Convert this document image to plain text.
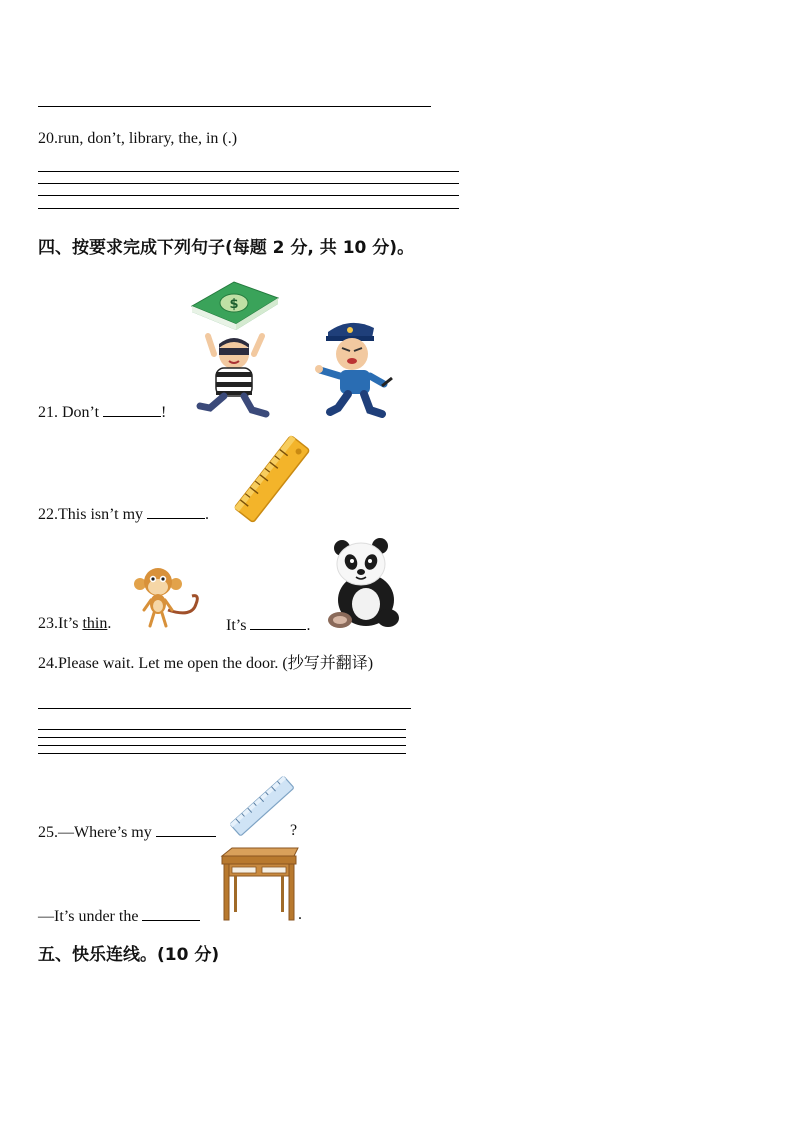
20.run, don’t, library, the, in (.)
四、按要求完成下列句子(每题 2 分, 共 10 分)。
$
21. Don’t	!
22.This isn’t my	.
23.It’s thin.	It’s	.
24.Please wait. Let me open the door. (抄写并翻译)
25.—Where’s my	?
—It’s under the	.
五、快乐连线。(10 分)
